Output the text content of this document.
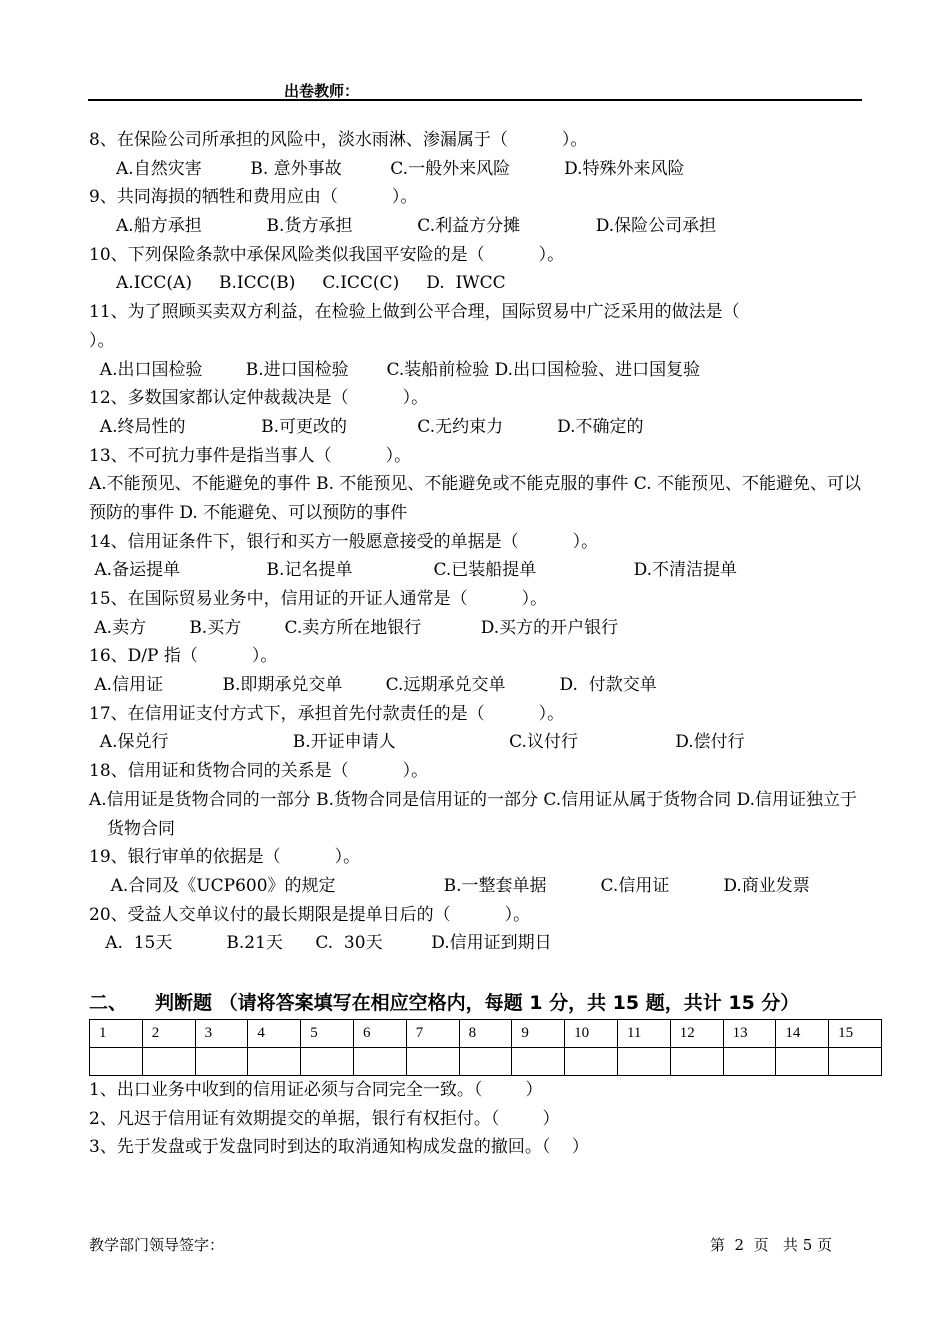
出卷教师：
8、在保险公司所承担的风险中，淡水雨淋、渗漏属于（          ）。
A.自然灾害         B. 意外事故         C.一般外来风险          D.特殊外来风险
9、共同海损的牺牲和费用应由（          ）。
A.船方承担            B.货方承担            C.利益方分摊              D.保险公司承担
10、下列保险条款中承保风险类似我国平安险的是（          ）。
A.ICC(A)     B.ICC(B)     C.ICC(C)     D.  IWCC
11、为了照顾买卖双方利益，在检验上做到公平合理，国际贸易中广泛采用的做法是（
）。
A.出口国检验        B.进口国检验       C.装船前检验 D.出口国检验、进口国复验
12、多数国家都认定仲裁裁决是（          ）。
A.终局性的              B.可更改的             C.无约束力          D.不确定的
13、不可抗力事件是指当事人（          ）。
A.不能预见、不能避免的事件 B. 不能预见、不能避免或不能克服的事件 C. 不能预见、不能避免、可以预防的事件 D. 不能避免、可以预防的事件
14、信用证条件下，银行和买方一般愿意接受的单据是（          ）。
A.备运提单                B.记名提单               C.已装船提单                  D.不清洁提单
15、在国际贸易业务中，信用证的开证人通常是（          ）。
A.卖方        B.买方        C.卖方所在地银行           D.买方的开户银行
16、D/P 指（          ）。
A.信用证           B.即期承兑交单        C.远期承兑交单          D.  付款交单
17、在信用证支付方式下，承担首先付款责任的是（          ）。
A.保兑行                       B.开证申请人                     C.议付行                  D.偿付行
18、信用证和货物合同的关系是（          ）。
A.信用证是货物合同的一部分 B.货物合同是信用证的一部分 C.信用证从属于货物合同 D.信用证独立于货物合同
19、银行审单的依据是（          ）。
A.合同及《UCP600》的规定                    B.一整套单据          C.信用证          D.商业发票
20、受益人交单议付的最长期限是提单日后的（          ）。
A.  15天          B.21天      C.  30天         D.信用证到期日
二、 判断题 （请将答案填写在相应空格内，每题 1 分，共 15 题，共计 15 分）
1	2	3	4	5	6	7	8	9	10	11	12	13	14	15

1、出口业务中收到的信用证必须与合同完全一致。（        ）
2、凡迟于信用证有效期提交的单据，银行有权拒付。（        ）
3、先于发盘或于发盘同时到达的取消通知构成发盘的撤回。（    ）
教学部门领导签字：	第  2  页   共 5 页
